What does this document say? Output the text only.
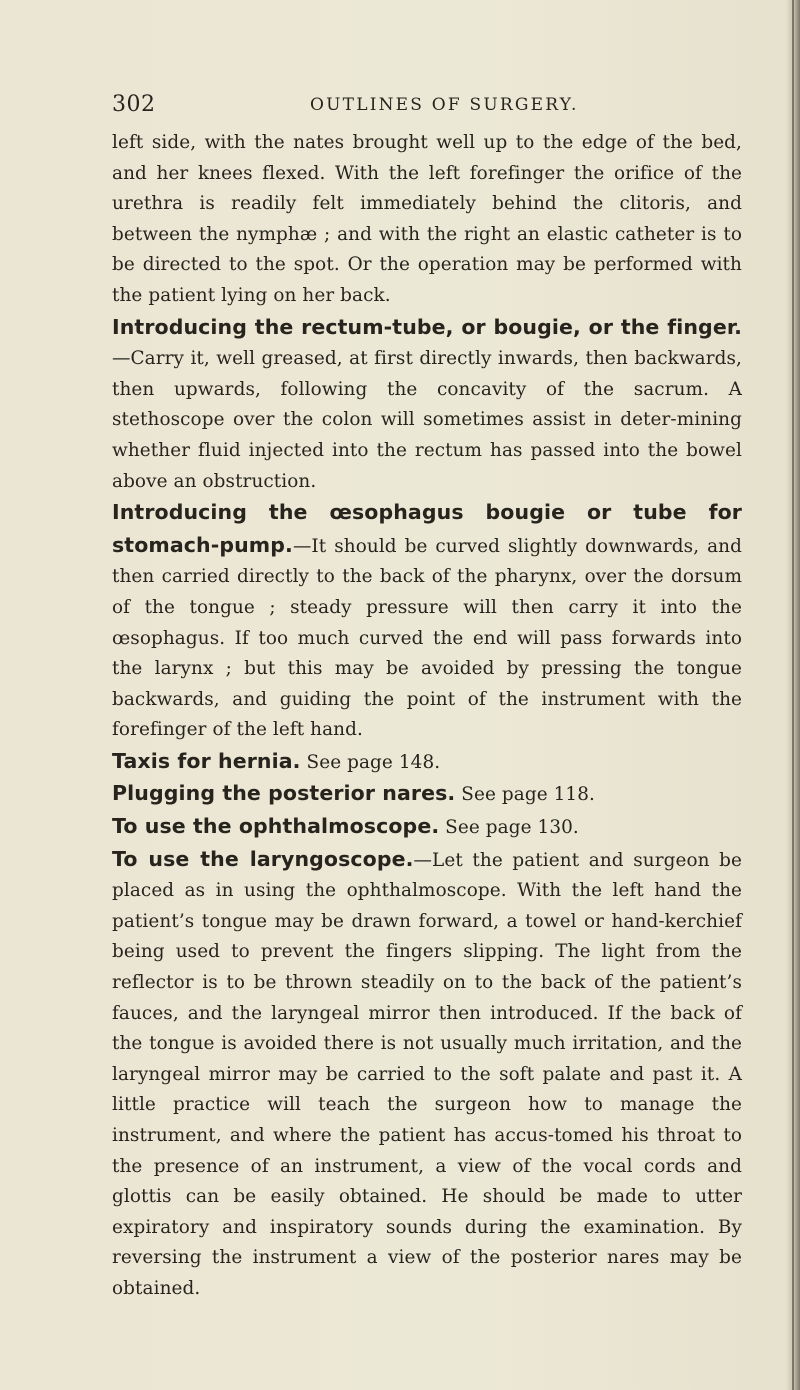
302	OUTLINES OF SURGERY.

left side, with the nates brought well up to the edge of the bed, and her knees flexed. With the left forefinger the orifice of the urethra is readily felt immediately behind the clitoris, and between the nymphæ ; and with the right an elastic catheter is to be directed to the spot. Or the operation may be performed with the patient lying on her back.

Introducing the rectum-tube, or bougie, or the finger.—Carry it, well greased, at first directly inwards, then backwards, then upwards, following the concavity of the sacrum. A stethoscope over the colon will sometimes assist in deter-mining whether fluid injected into the rectum has passed into the bowel above an obstruction.

Introducing the œsophagus bougie or tube for stomach-pump.—It should be curved slightly downwards, and then carried directly to the back of the pharynx, over the dorsum of the tongue ; steady pressure will then carry it into the œsophagus. If too much curved the end will pass forwards into the larynx ; but this may be avoided by pressing the tongue backwards, and guiding the point of the instrument with the forefinger of the left hand.

Taxis for hernia. See page 148.

Plugging the posterior nares. See page 118.

To use the ophthalmoscope. See page 130.

To use the laryngoscope.—Let the patient and surgeon be placed as in using the ophthalmoscope. With the left hand the patient’s tongue may be drawn forward, a towel or hand-kerchief being used to prevent the fingers slipping. The light from the reflector is to be thrown steadily on to the back of the patient’s fauces, and the laryngeal mirror then introduced. If the back of the tongue is avoided there is not usually much irritation, and the laryngeal mirror may be carried to the soft palate and past it. A little practice will teach the surgeon how to manage the instrument, and where the patient has accus-tomed his throat to the presence of an instrument, a view of the vocal cords and glottis can be easily obtained. He should be made to utter expiratory and inspiratory sounds during the examination. By reversing the instrument a view of the posterior nares may be obtained.
